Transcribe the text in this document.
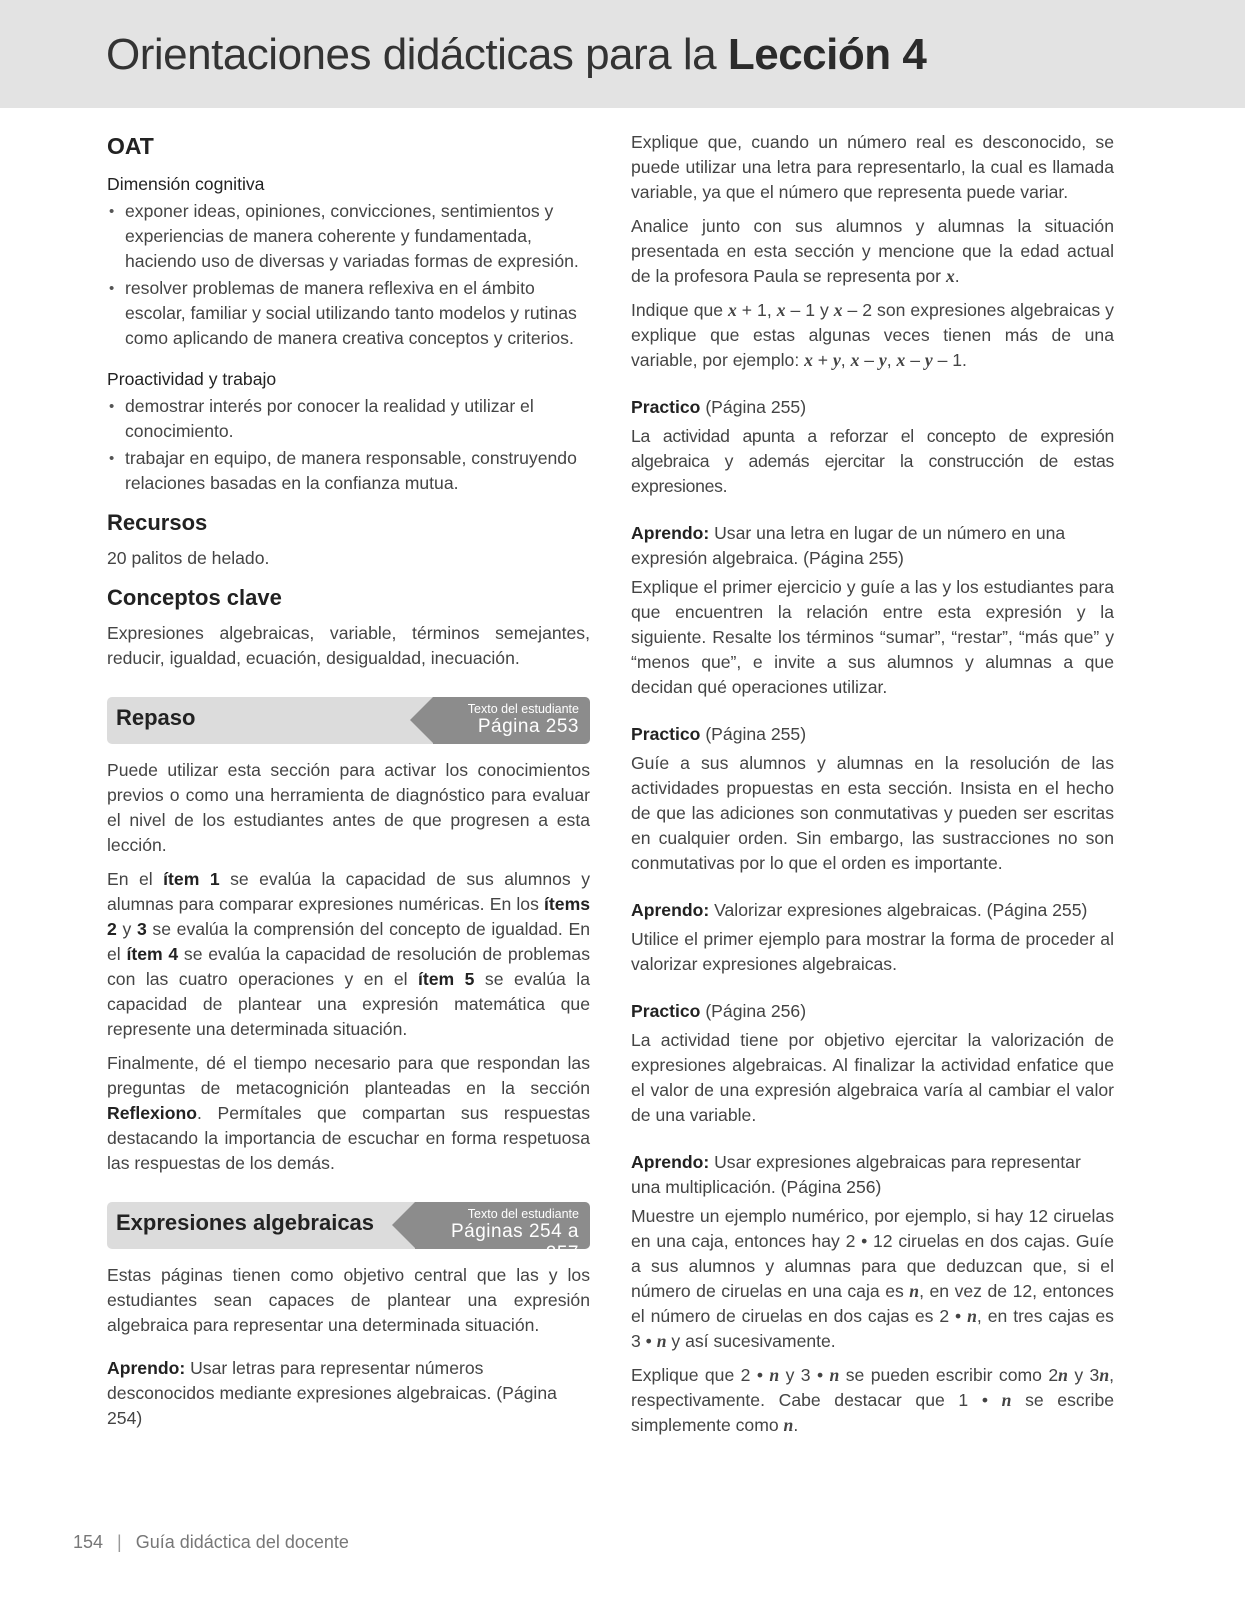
Orientaciones didácticas para la Lección 4
OAT
Dimensión cognitiva
• exponer ideas, opiniones, convicciones, sentimientos y experiencias de manera coherente y fundamentada, haciendo uso de diversas y variadas formas de expresión.
• resolver problemas de manera reflexiva en el ámbito escolar, familiar y social utilizando tanto modelos y rutinas como aplicando de manera creativa conceptos y criterios.
Proactividad y trabajo
• demostrar interés por conocer la realidad y utilizar el conocimiento.
• trabajar en equipo, de manera responsable, construyendo relaciones basadas en la confianza mutua.
Recursos

20 palitos de helado.

Conceptos clave

Expresiones algebraicas, variable, términos semejantes, reducir, igualdad, ecuación, desigualdad, inecuación.

Repaso	Texto del estudiante
Página 253

Puede utilizar esta sección para activar los conocimientos previos o como una herramienta de diagnóstico para evaluar el nivel de los estudiantes antes de que progresen a esta lección.

En el ítem 1 se evalúa la capacidad de sus alumnos y alumnas para comparar expresiones numéricas. En los ítems 2 y 3 se evalúa la comprensión del concepto de igualdad. En el ítem 4 se evalúa la capacidad de resolución de problemas con las cuatro operaciones y en el ítem 5 se evalúa la capacidad de plantear una expresión matemática que represente una determinada situación.

Finalmente, dé el tiempo necesario para que respondan las preguntas de metacognición planteadas en la sección Reflexiono. Permítales que compartan sus respuestas destacando la importancia de escuchar en forma respetuosa las respuestas de los demás.

Expresiones algebraicas	Texto del estudiante
Páginas 254 a 257

Estas páginas tienen como objetivo central que las y los estudiantes sean capaces de plantear una expresión algebraica para representar una determinada situación.

Aprendo: Usar letras para representar números desconocidos mediante expresiones algebraicas. (Página 254)

Explique que, cuando un número real es desconocido, se puede utilizar una letra para representarlo, la cual es llamada variable, ya que el número que representa puede variar.

Analice junto con sus alumnos y alumnas la situación presentada en esta sección y mencione que la edad actual de la profesora Paula se representa por x.

Indique que x + 1, x – 1 y x – 2 son expresiones algebraicas y explique que estas algunas veces tienen más de una variable, por ejemplo: x + y, x – y, x – y – 1.

Practico (Página 255)

La actividad apunta a reforzar el concepto de expresión algebraica y además ejercitar la construcción de estas expresiones.

Aprendo: Usar una letra en lugar de un número en una expresión algebraica. (Página 255)

Explique el primer ejercicio y guíe a las y los estudiantes para que encuentren la relación entre esta expresión y la siguiente. Resalte los términos “sumar”, “restar”, “más que” y “menos que”, e invite a sus alumnos y alumnas a que decidan qué operaciones utilizar.

Practico (Página 255)

Guíe a sus alumnos y alumnas en la resolución de las actividades propuestas en esta sección. Insista en el hecho de que las adiciones son conmutativas y pueden ser escritas en cualquier orden. Sin embargo, las sustracciones no son conmutativas por lo que el orden es importante.

Aprendo: Valorizar expresiones algebraicas. (Página 255)

Utilice el primer ejemplo para mostrar la forma de proceder al valorizar expresiones algebraicas.

Practico (Página 256)

La actividad tiene por objetivo ejercitar la valorización de expresiones algebraicas. Al finalizar la actividad enfatice que el valor de una expresión algebraica varía al cambiar el valor de una variable.

Aprendo: Usar expresiones algebraicas para representar una multiplicación. (Página 256)

Muestre un ejemplo numérico, por ejemplo, si hay 12 ciruelas en una caja, entonces hay 2 • 12 ciruelas en dos cajas. Guíe a sus alumnos y alumnas para que deduzcan que, si el número de ciruelas en una caja es n, en vez de 12, entonces el número de ciruelas en dos cajas es 2 • n, en tres cajas es 3 • n y así sucesivamente.

Explique que 2 • n y 3 • n se pueden escribir como 2n y 3n, respectivamente. Cabe destacar que 1 • n se escribe simplemente como n.

154 | Guía didáctica del docente
